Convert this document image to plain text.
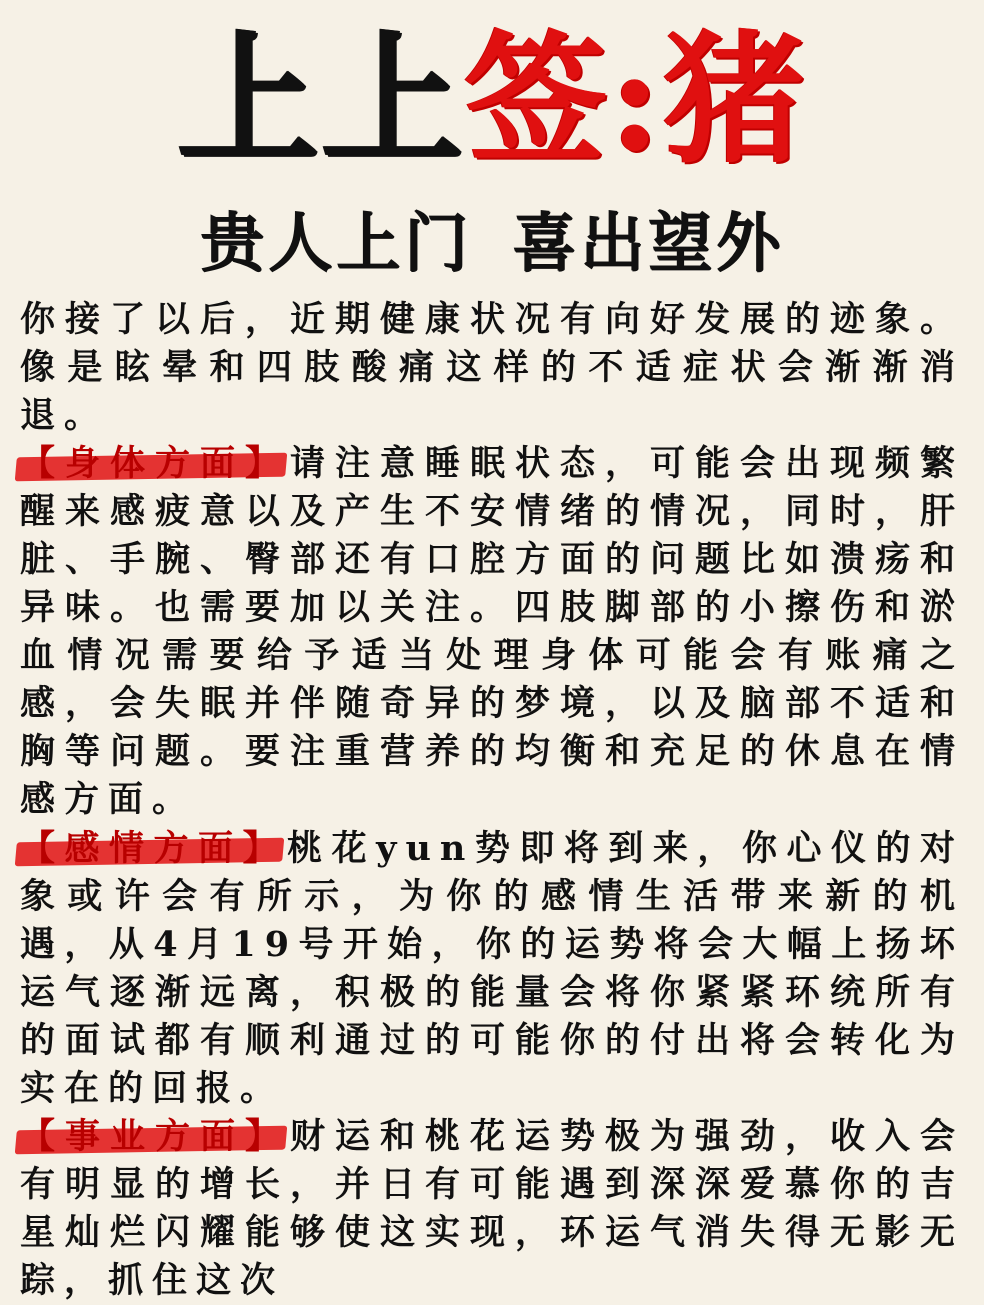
上上签:猪
贵人上门 喜出望外
你接了以后，近期健康状况有向好发展的迹象。像是眩晕和四肢酸痛这样的不适症状会渐渐消退。
【身体方面】请注意睡眠状态，可能会出现频繁醒来感疲意以及产生不安情绪的情况，同时，肝脏、手腕、臀部还有口腔方面的问题比如溃疡和异味。也需要加以关注。四肢脚部的小擦伤和淤血情况需要给予适当处理身体可能会有账痛之感，会失眠并伴随奇异的梦境，以及脑部不适和胸等问题。要注重营养的均衡和充足的休息在情感方面。
【感情方面】桃花yun势即将到来，你心仪的对象或许会有所示，为你的感情生活带来新的机遇，从4月19号开始，你的运势将会大幅上扬坏运气逐渐远离，积极的能量会将你紧紧环统所有的面试都有顺利通过的可能你的付出将会转化为实在的回报。
【事业方面】财运和桃花运势极为强劲，收入会有明显的增长，并日有可能遇到深深爱慕你的吉星灿烂闪耀能够使这实现，环运气消失得无影无踪，抓住这次
